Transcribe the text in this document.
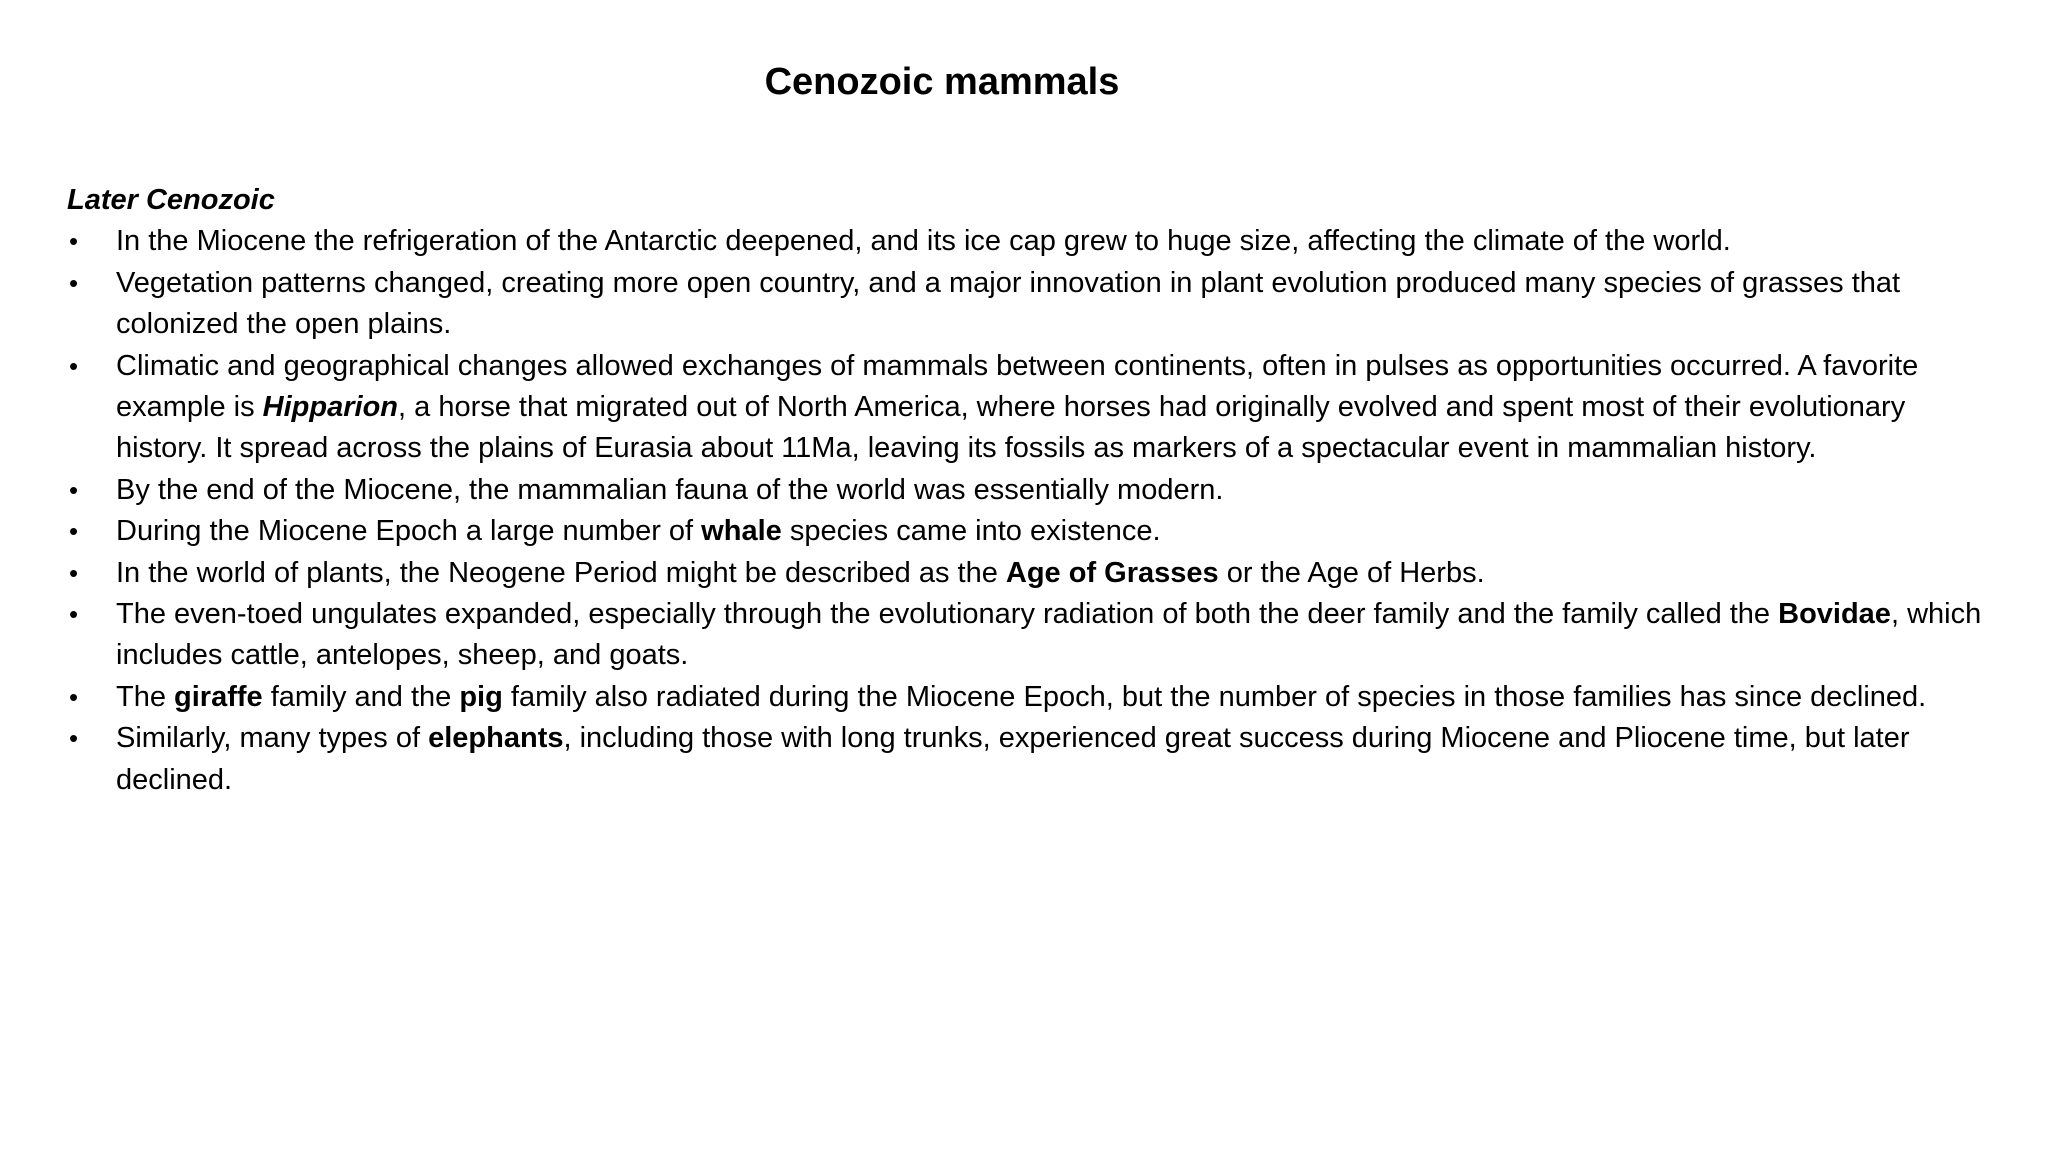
Cenozoic mammals

Later Cenozoic

• In the Miocene the refrigeration of the Antarctic deepened, and its ice cap grew to huge size, affecting the climate of the world.
• Vegetation patterns changed, creating more open country, and a major innovation in plant evolution produced many species of grasses that colonized the open plains.
• Climatic and geographical changes allowed exchanges of mammals between continents, often in pulses as opportunities occurred. A favorite example is Hipparion, a horse that migrated out of North America, where horses had originally evolved and spent most of their evolutionary history. It spread across the plains of Eurasia about 11Ma, leaving its fossils as markers of a spectacular event in mammalian history.
• By the end of the Miocene, the mammalian fauna of the world was essentially modern.
• During the Miocene Epoch a large number of whale species came into existence.
• In the world of plants, the Neogene Period might be described as the Age of Grasses or the Age of Herbs.
• The even-toed ungulates expanded, especially through the evolutionary radiation of both the deer family and the family called the Bovidae, which includes cattle, antelopes, sheep, and goats.
• The giraffe family and the pig family also radiated during the Miocene Epoch, but the number of species in those families has since declined.
• Similarly, many types of elephants, including those with long trunks, experienced great success during Miocene and Pliocene time, but later declined.
